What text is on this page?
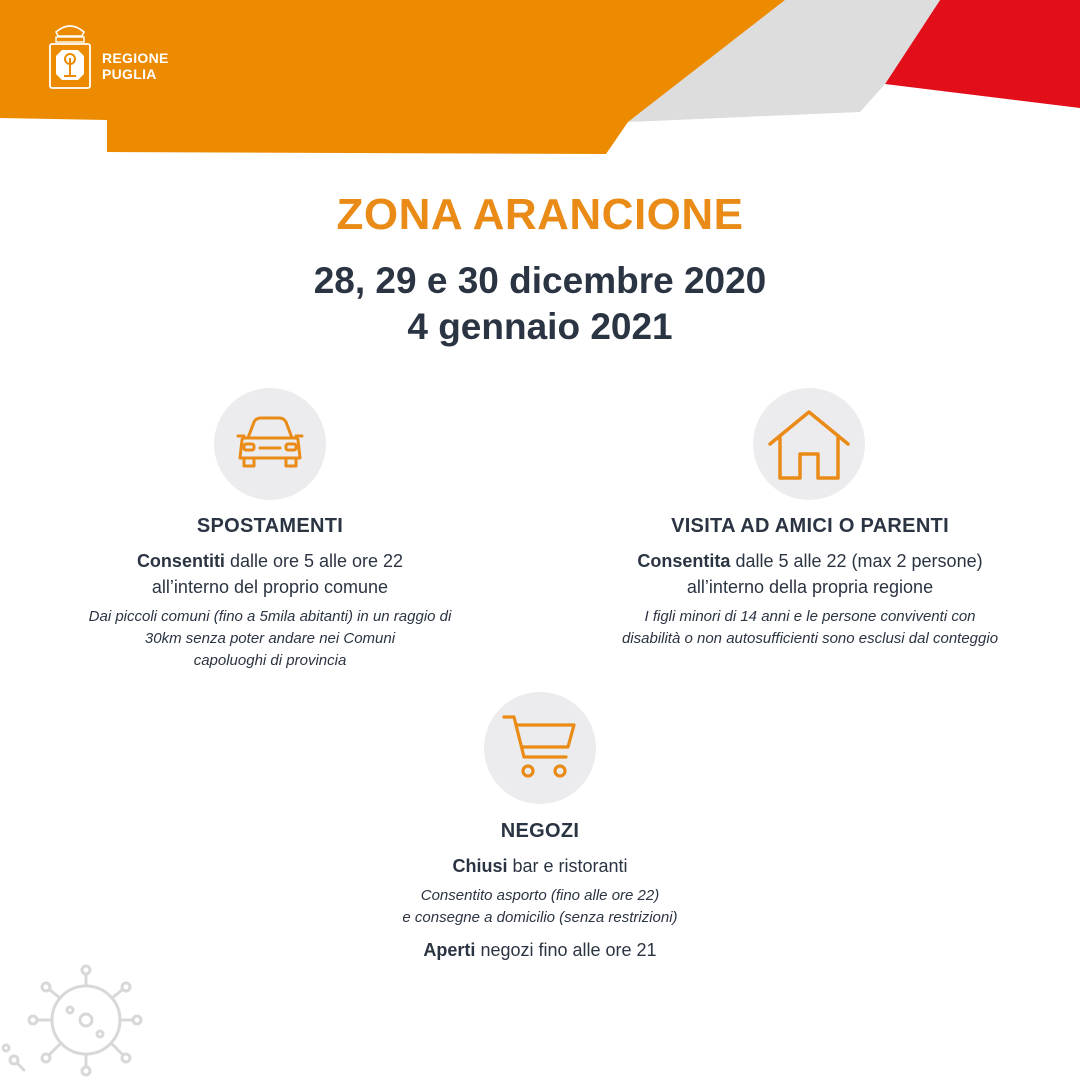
REGIONE
PUGLIA
ZONA ARANCIONE
28, 29 e 30 dicembre 2020
4 gennaio 2021
SPOSTAMENTI
Consentiti dalle ore 5 alle ore 22
all’interno del proprio comune
Dai piccoli comuni (fino a 5mila abitanti) in un raggio di
30km senza poter andare nei Comuni
capoluoghi di provincia
VISITA AD AMICI O PARENTI
Consentita dalle 5 alle 22 (max 2 persone)
all’interno della propria regione
I figli minori di 14 anni e le persone conviventi con
disabilità o non autosufficienti sono esclusi dal conteggio
NEGOZI
Chiusi bar e ristoranti
Consentito asporto (fino alle ore 22)
e consegne a domicilio (senza restrizioni)
Aperti negozi fino alle ore 21
